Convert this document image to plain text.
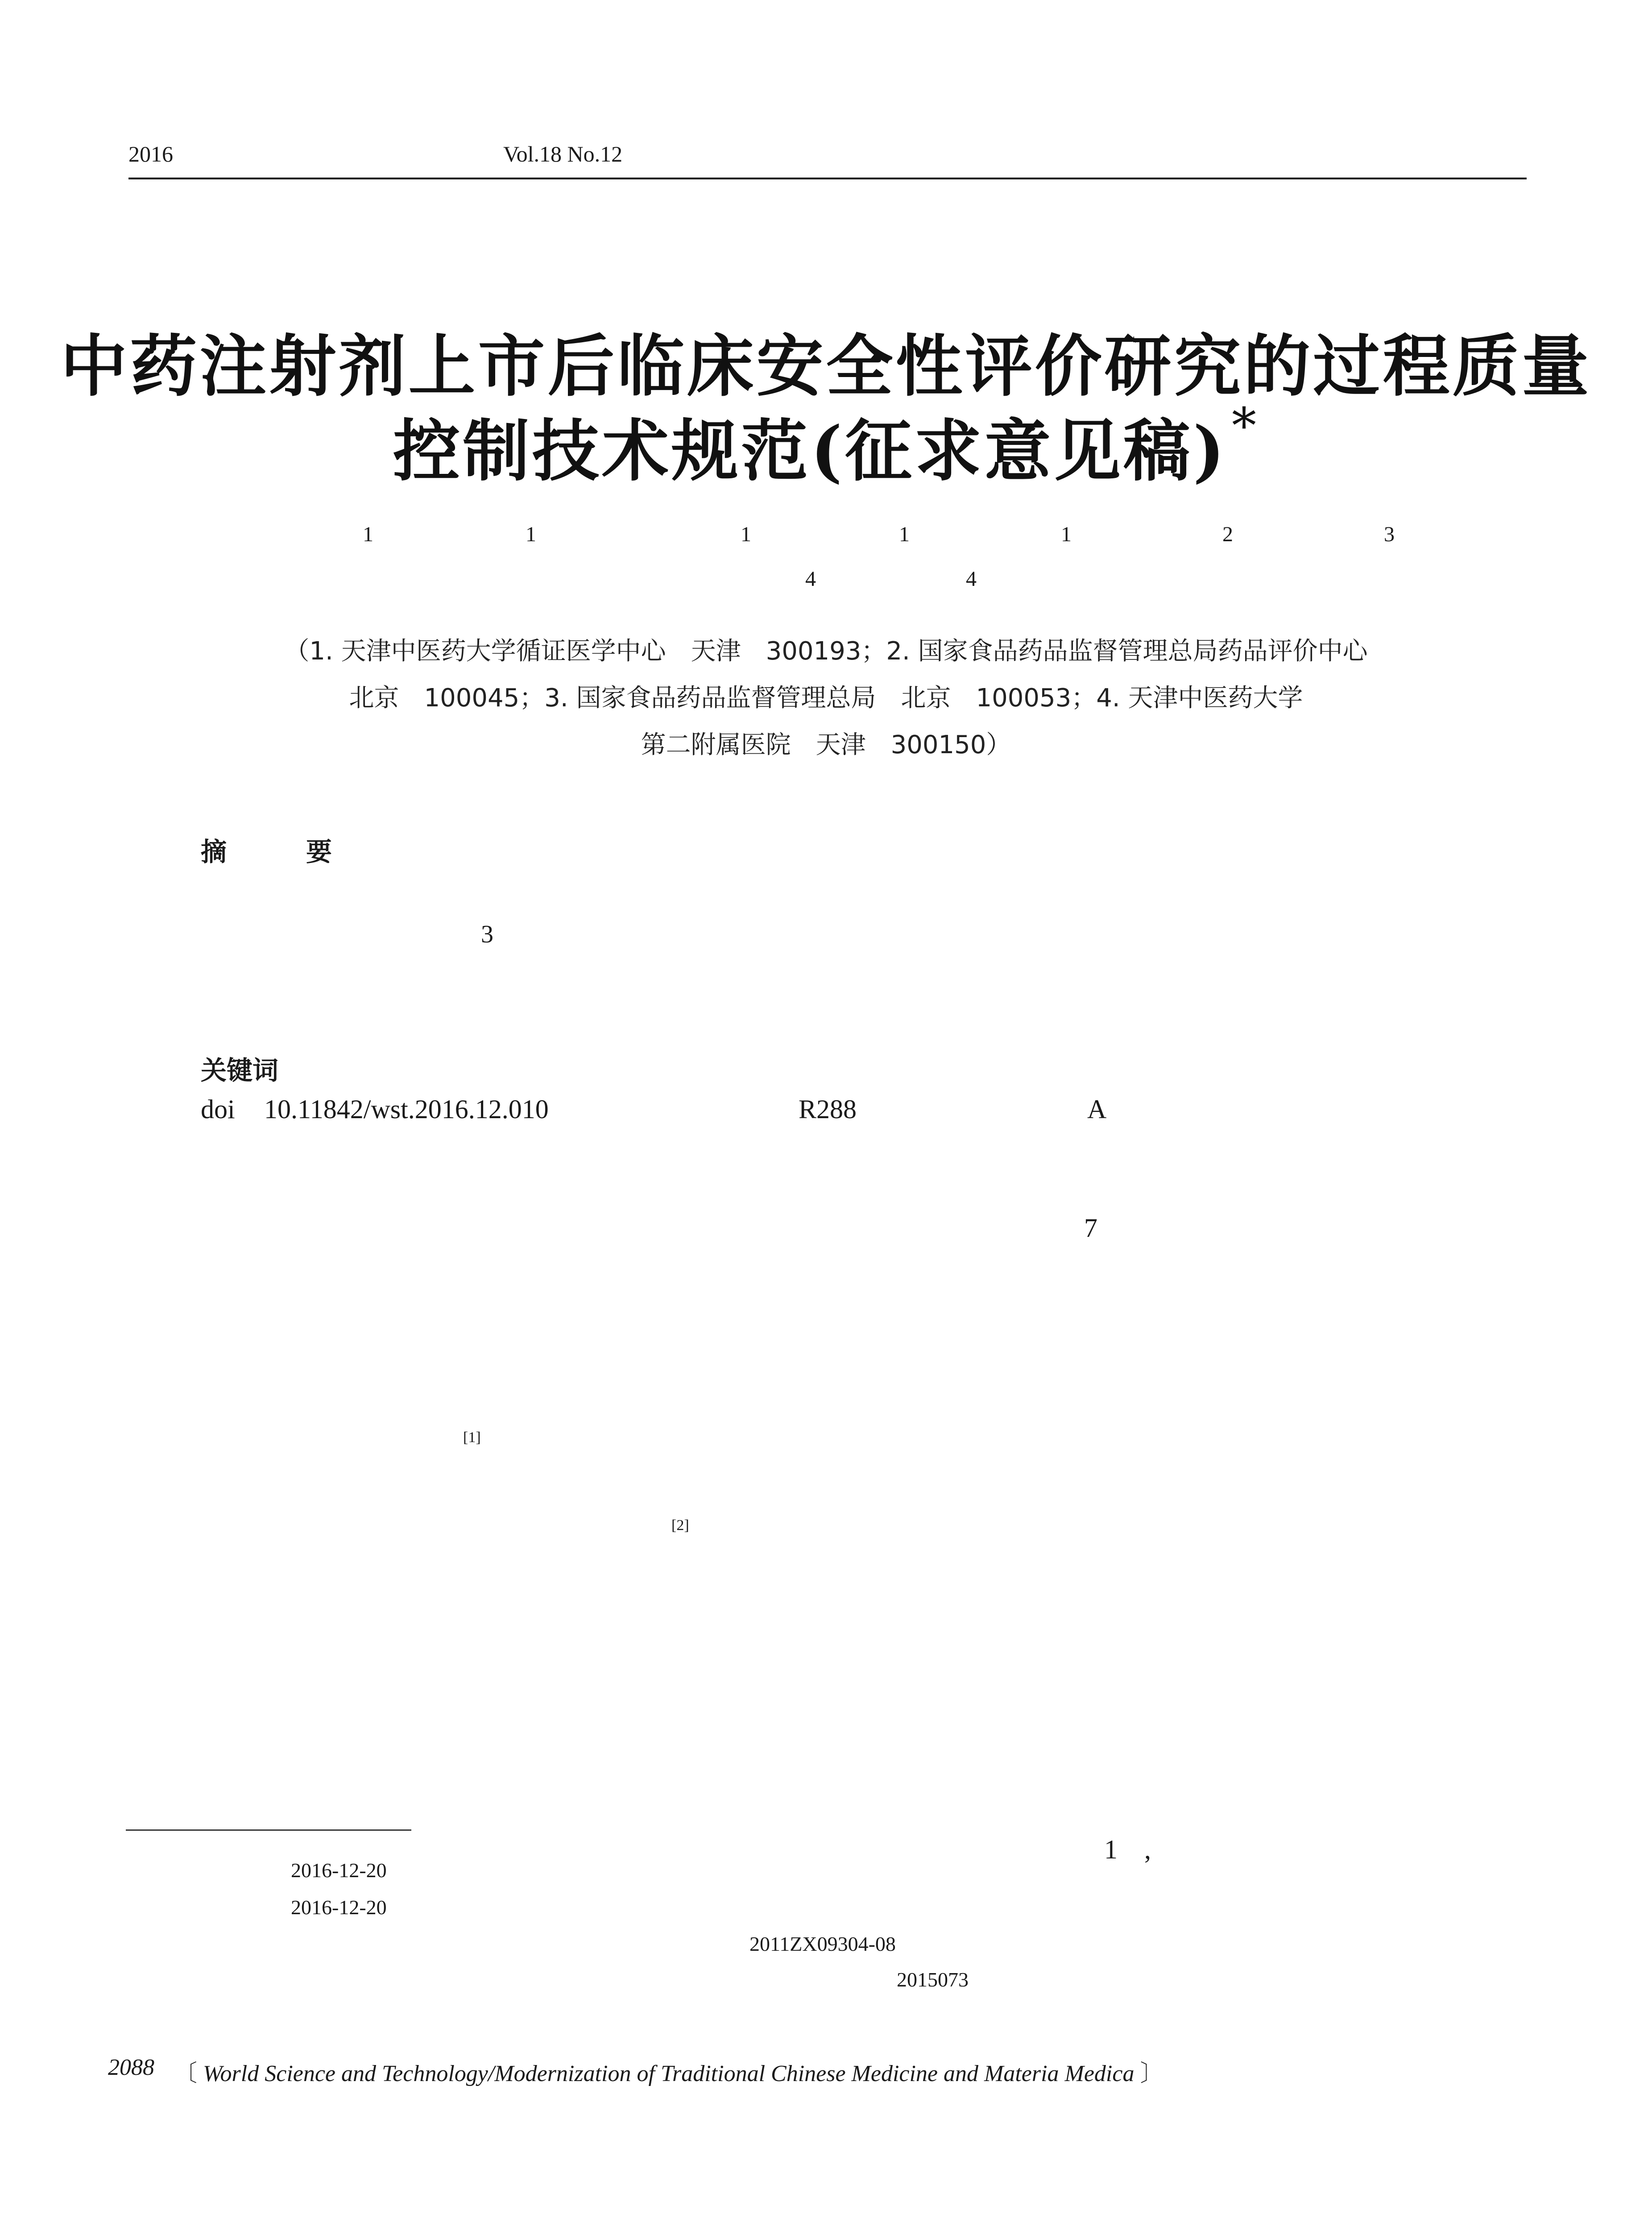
2016	Vol.18 No.12
中药注射剂上市后临床安全性评价研究的过程质量
控制技术规范(征求意见稿)*
1	1	1	1	1	2	3
4	4
（1. 天津中医药大学循证医学中心　天津　300193；2. 国家食品药品监督管理总局药品评价中心
北京　100045；3. 国家食品药品监督管理总局　北京　100053；4. 天津中医药大学
第二附属医院　天津　300150）
摘　要
3
关键词
doi 10.11842/wst.2016.12.010	R288	A
7
[1]
[2]
1　,
2016-12-20
2016-12-20
2011ZX09304-08
2015073
2088 〔 World Science and Technology/Modernization of Traditional Chinese Medicine and Materia Medica 〕
